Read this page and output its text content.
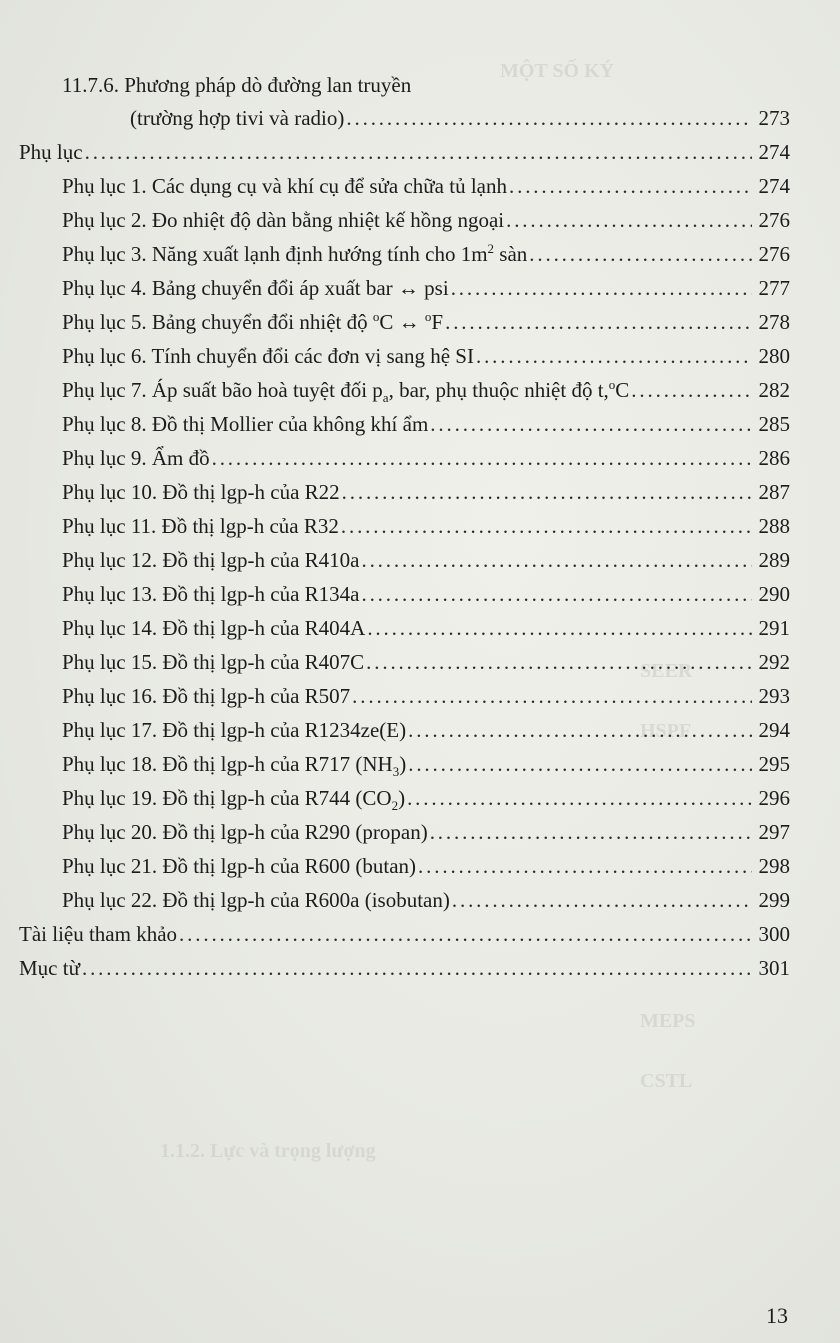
MỘT SỐ KÝ
SEER
HSPF
MEPS
CSTL
1.1.2. Lực và trọng lượng
11.7.6. Phương pháp dò đường lan truyền
(trường hợp tivi và radio) . . .	273
Phụ lục . . .	274
Phụ lục 1. Các dụng cụ và khí cụ để sửa chữa tủ lạnh . . .	274
Phụ lục 2. Đo nhiệt độ dàn bằng nhiệt kế hồng ngoại . . .	276
Phụ lục 3. Năng xuất lạnh định hướng tính cho $1m^2$ sàn . . .	276
Phụ lục 4. Bảng chuyển đổi áp xuất bar ↔ psi . . .	277
Phụ lục 5. Bảng chuyển đổi nhiệt độ $^o$C ↔ $^o$F . . .	278
Phụ lục 6. Tính chuyển đổi các đơn vị sang hệ SI . . .	280
Phụ lục 7. Áp suất bão hoà tuyệt đối $p_a$, bar, phụ thuộc nhiệt độ t,$^o$C . . .	282
Phụ lục 8. Đồ thị Mollier của không khí ẩm . . .	285
Phụ lục 9. Ẩm đồ . . .	286
Phụ lục 10. Đồ thị lgp-h của R22 . . .	287
Phụ lục 11. Đồ thị lgp-h của R32 . . .	288
Phụ lục 12. Đồ thị lgp-h của R410a . . .	289
Phụ lục 13. Đồ thị lgp-h của R134a . . .	290
Phụ lục 14. Đồ thị lgp-h của R404A . . .	291
Phụ lục 15. Đồ thị lgp-h của R407C . . .	292
Phụ lục 16. Đồ thị lgp-h của R507 . . .	293
Phụ lục 17. Đồ thị lgp-h của R1234ze(E) . . .	294
Phụ lục 18. Đồ thị lgp-h của R717 $(NH_3)$ . . .	295
Phụ lục 19. Đồ thị lgp-h của R744 $(CO_2)$ . . .	296
Phụ lục 20. Đồ thị lgp-h của R290 (propan) . . .	297
Phụ lục 21. Đồ thị lgp-h của R600 (butan) . . .	298
Phụ lục 22. Đồ thị lgp-h của R600a (isobutan) . . .	299
Tài liệu tham khảo . . .	300
Mục từ . . .	301
13
